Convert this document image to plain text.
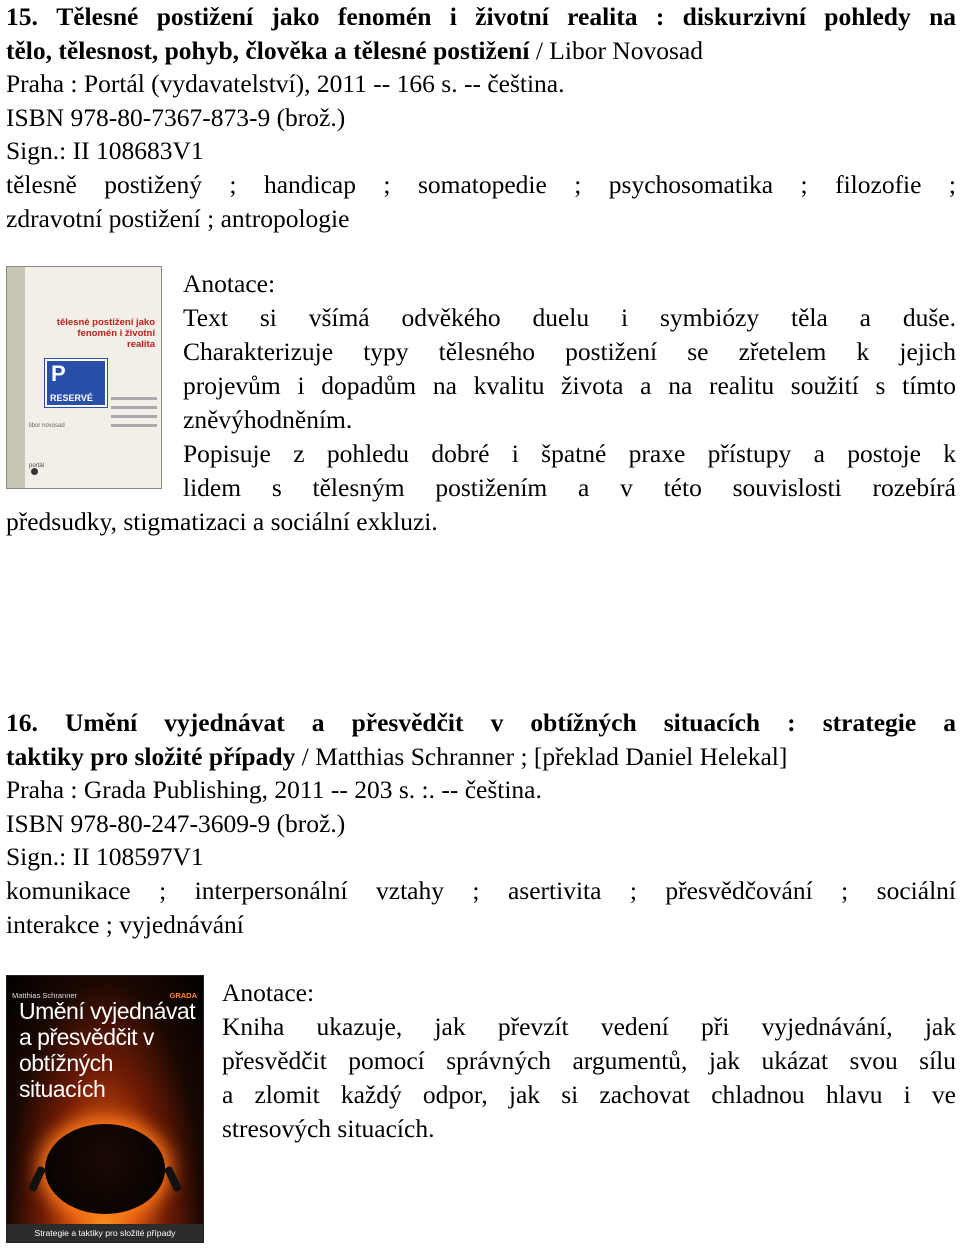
15. Tělesné postižení jako fenomén i životní realita : diskurzivní pohledy na
tělo, tělesnost, pohyb, člověka a tělesné postižení / Libor Novosad
Praha : Portál (vydavatelství), 2011 -- 166 s. -- čeština.
ISBN 978-80-7367-873-9 (brož.)
Sign.: II 108683V1
tělesně postižený ; handicap ; somatopedie ; psychosomatika ; filozofie ;
zdravotní postižení ; antropologie
tělesné postižení jako fenomén i životní realita
P
RESERVÉ
libor novosad
portál
Anotace:
Text si všímá odvěkého duelu i symbiózy těla a duše.
Charakterizuje typy tělesného postižení se zřetelem k jejich
projevům i dopadům na kvalitu života a na realitu soužití s tímto
zněvýhodněním.
Popisuje z pohledu dobré i špatné praxe přístupy a postoje k
lidem s tělesným postižením a v této souvislosti rozebírá
předsudky, stigmatizaci a sociální exkluzi.
16. Umění vyjednávat a přesvědčit v obtížných situacích : strategie a
taktiky pro složité případy / Matthias Schranner ; [překlad Daniel Helekal]
Praha : Grada Publishing, 2011 -- 203 s. :. -- čeština.
ISBN 978-80-247-3609-9 (brož.)
Sign.: II 108597V1
komunikace ; interpersonální vztahy ; asertivita ; přesvědčování ; sociální
interakce ; vyjednávání
Matthias Schranner	GRADA
Umění vyjednávat a přesvědčit v obtížných situacích
Strategie a taktiky pro složité případy
Anotace:
Kniha ukazuje, jak převzít vedení při vyjednávání, jak
přesvědčit pomocí správných argumentů, jak ukázat svou sílu
a zlomit každý odpor, jak si zachovat chladnou hlavu i ve
stresových situacích.
